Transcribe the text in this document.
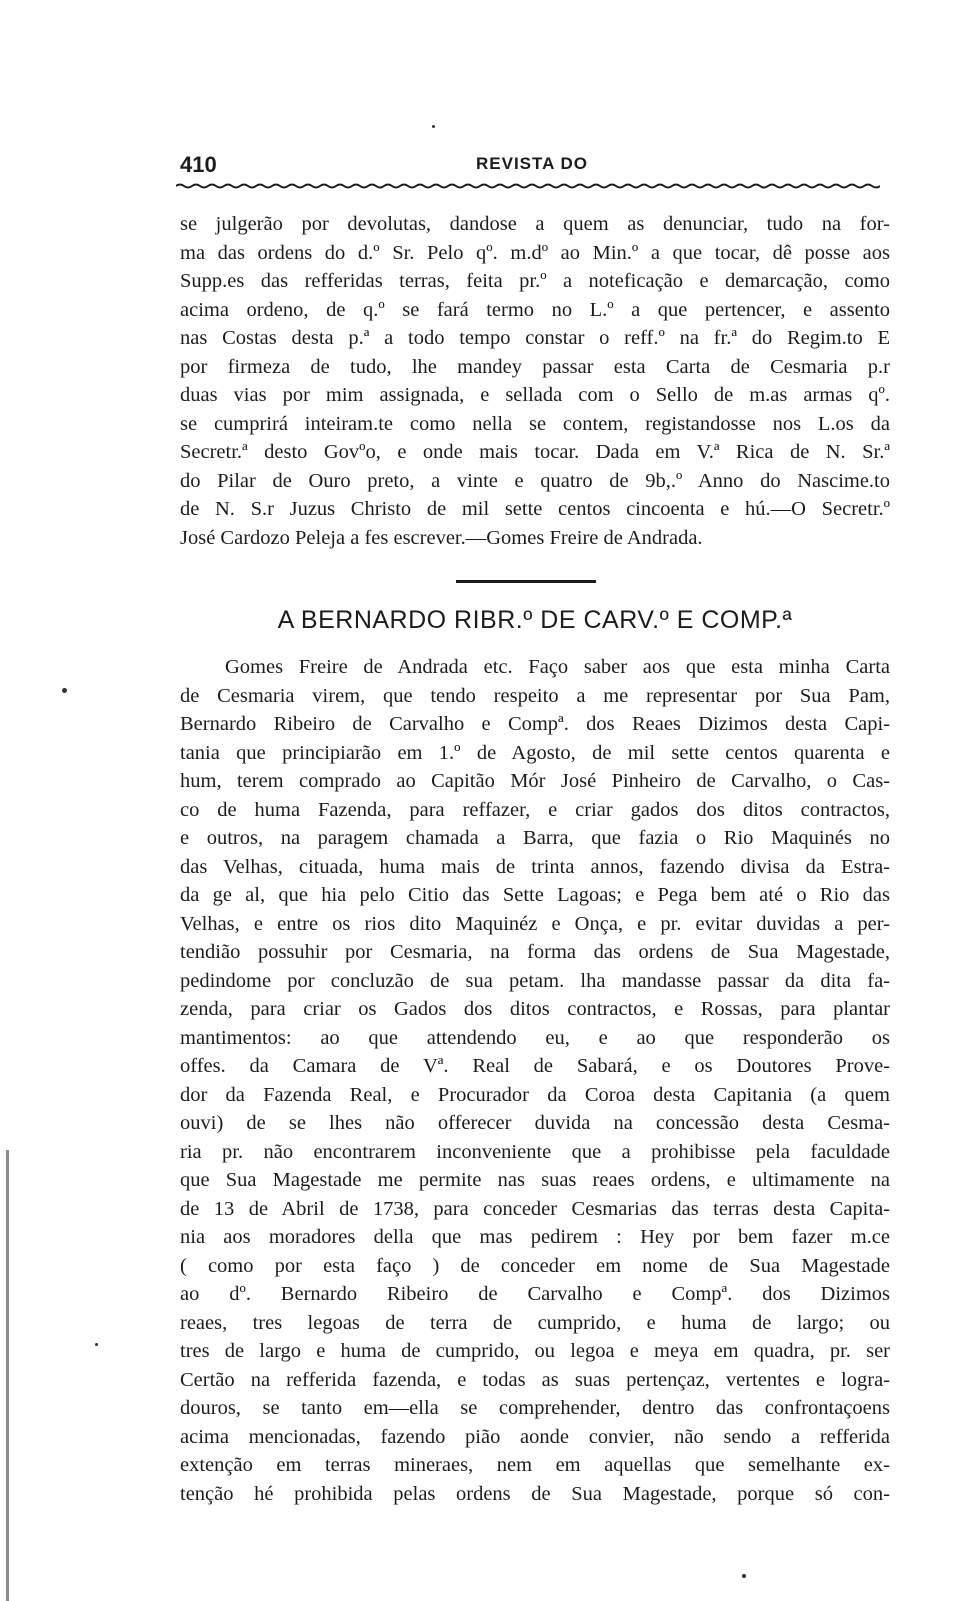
410	REVISTA DO
se julgerão por devolutas, dandose a quem as denunciar, tudo na for-
ma das ordens do d.º Sr. Pelo qº. m.dº ao Min.º a que tocar, dê posse aos
Supp.es das refferidas terras, feita pr.º a noteficação e demarcação, como
acima ordeno, de q.º se fará termo no L.º a que pertencer, e assento
nas Costas desta p.ª a todo tempo constar o reff.º na fr.ª do Regim.to E
por firmeza de tudo, lhe mandey passar esta Carta de Cesmaria p.r
duas vias por mim assignada, e sellada com o Sello de m.as armas qº.
se cumprirá inteiram.te como nella se contem, registandosse nos L.os da
Secretr.ª desto Govºo, e onde mais tocar. Dada em V.ª Rica de N. Sr.ª
do Pilar de Ouro preto, a vinte e quatro de 9b,.º Anno do Nascime.to
de N. S.r Juzus Christo de mil sette centos cincoenta e hú.—O Secretr.º
José Cardozo Peleja a fes escrever.—Gomes Freire de Andrada.
A BERNARDO RIBR.º DE CARV.º E COMP.ª
Gomes Freire de Andrada etc. Faço saber aos que esta minha Carta
de Cesmaria virem, que tendo respeito a me representar por Sua Pam,
Bernardo Ribeiro de Carvalho e Compª. dos Reaes Dizimos desta Capi-
tania que principiarão em 1.º de Agosto, de mil sette centos quarenta e
hum, terem comprado ao Capitão Mór José Pinheiro de Carvalho, o Cas-
co de huma Fazenda, para reffazer, e criar gados dos ditos contractos,
e outros, na paragem chamada a Barra, que fazia o Rio Maquinés no
das Velhas, cituada, huma mais de trinta annos, fazendo divisa da Estra-
da ge al, que hia pelo Citio das Sette Lagoas; e Pega bem até o Rio das
Velhas, e entre os rios dito Maquinéz e Onça, e pr. evitar duvidas a per-
tendião possuhir por Cesmaria, na forma das ordens de Sua Magestade,
pedindome por concluzão de sua petam. lha mandasse passar da dita fa-
zenda, para criar os Gados dos ditos contractos, e Rossas, para plantar
mantimentos: ao que attendendo eu, e ao que responderão os
offes. da Camara de Vª. Real de Sabará, e os Doutores Prove-
dor da Fazenda Real, e Procurador da Coroa desta Capitania (a quem
ouvi) de se lhes não offerecer duvida na concessão desta Cesma-
ria pr. não encontrarem inconveniente que a prohibisse pela faculdade
que Sua Magestade me permite nas suas reaes ordens, e ultimamente na
de 13 de Abril de 1738, para conceder Cesmarias das terras desta Capita-
nia aos moradores della que mas pedirem : Hey por bem fazer m.ce
( como por esta faço ) de conceder em nome de Sua Magestade
ao dº. Bernardo Ribeiro de Carvalho e Compª. dos Dizimos
reaes, tres legoas de terra de cumprido, e huma de largo; ou
tres de largo e huma de cumprido, ou legoa e meya em quadra, pr. ser
Certão na refferida fazenda, e todas as suas pertençaz, vertentes e logra-
douros, se tanto em—ella se comprehender, dentro das confrontaçoens
acima mencionadas, fazendo pião aonde convier, não sendo a refferida
extenção em terras mineraes, nem em aquellas que semelhante ex-
tenção hé prohibida pelas ordens de Sua Magestade, porque só con-
